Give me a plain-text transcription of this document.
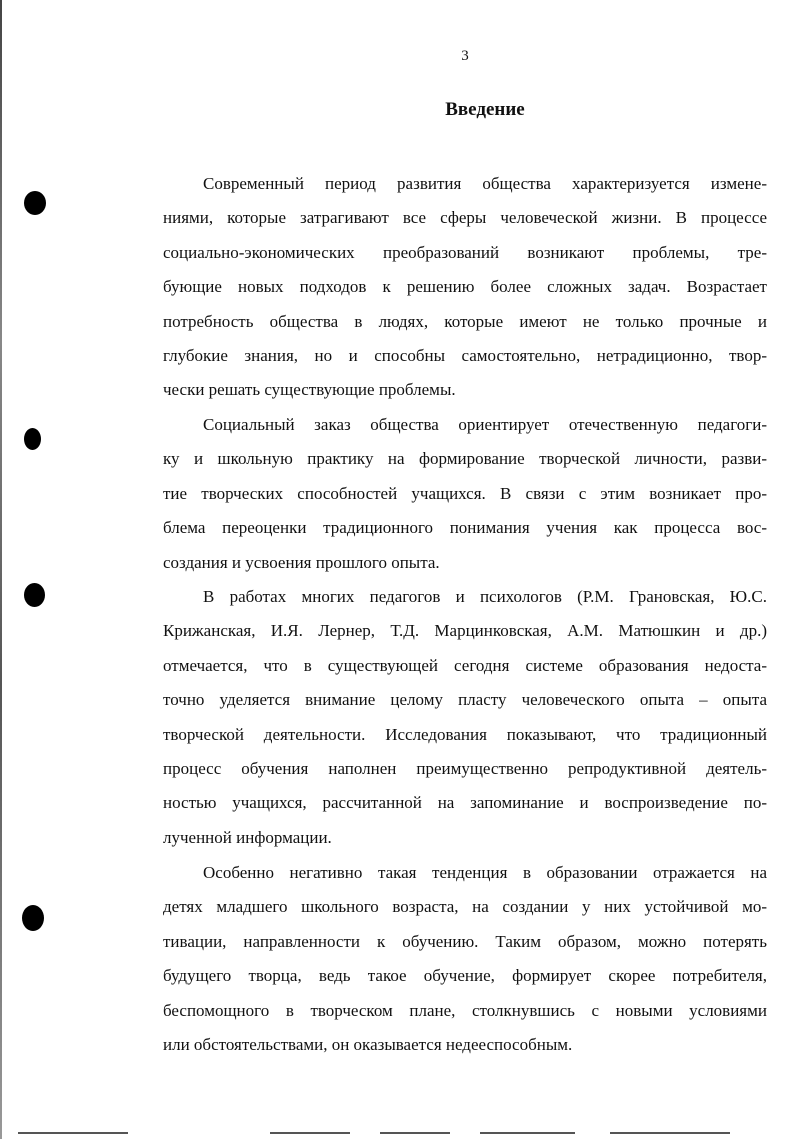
3
Введение
Современный период развития общества характеризуется измене-
ниями, которые затрагивают все сферы человеческой жизни. В процессе
социально-экономических преобразований возникают проблемы, тре-
бующие новых подходов к решению более сложных задач. Возрастает
потребность общества в людях, которые имеют не только прочные и
глубокие знания, но и способны самостоятельно, нетрадиционно, твор-
чески решать существующие проблемы.
Социальный заказ общества ориентирует отечественную педагоги-
ку и школьную практику на формирование творческой личности, разви-
тие творческих способностей учащихся. В связи с этим возникает про-
блема переоценки традиционного понимания учения как процесса вос-
создания и усвоения прошлого опыта.
В работах многих педагогов и психологов (Р.М. Грановская, Ю.С.
Крижанская, И.Я. Лернер, Т.Д. Марцинковская, А.М. Матюшкин и др.)
отмечается, что в существующей сегодня системе образования недоста-
точно уделяется внимание целому пласту человеческого опыта – опыта
творческой деятельности. Исследования показывают, что традиционный
процесс обучения наполнен преимущественно репродуктивной деятель-
ностью учащихся, рассчитанной на запоминание и воспроизведение по-
лученной информации.
Особенно негативно такая тенденция в образовании отражается на
детях младшего школьного возраста, на создании у них устойчивой мо-
тивации, направленности к обучению. Таким образом, можно потерять
будущего творца, ведь такое обучение, формирует скорее потребителя,
беспомощного в творческом плане, столкнувшись с новыми условиями
или обстоятельствами, он оказывается недееспособным.
